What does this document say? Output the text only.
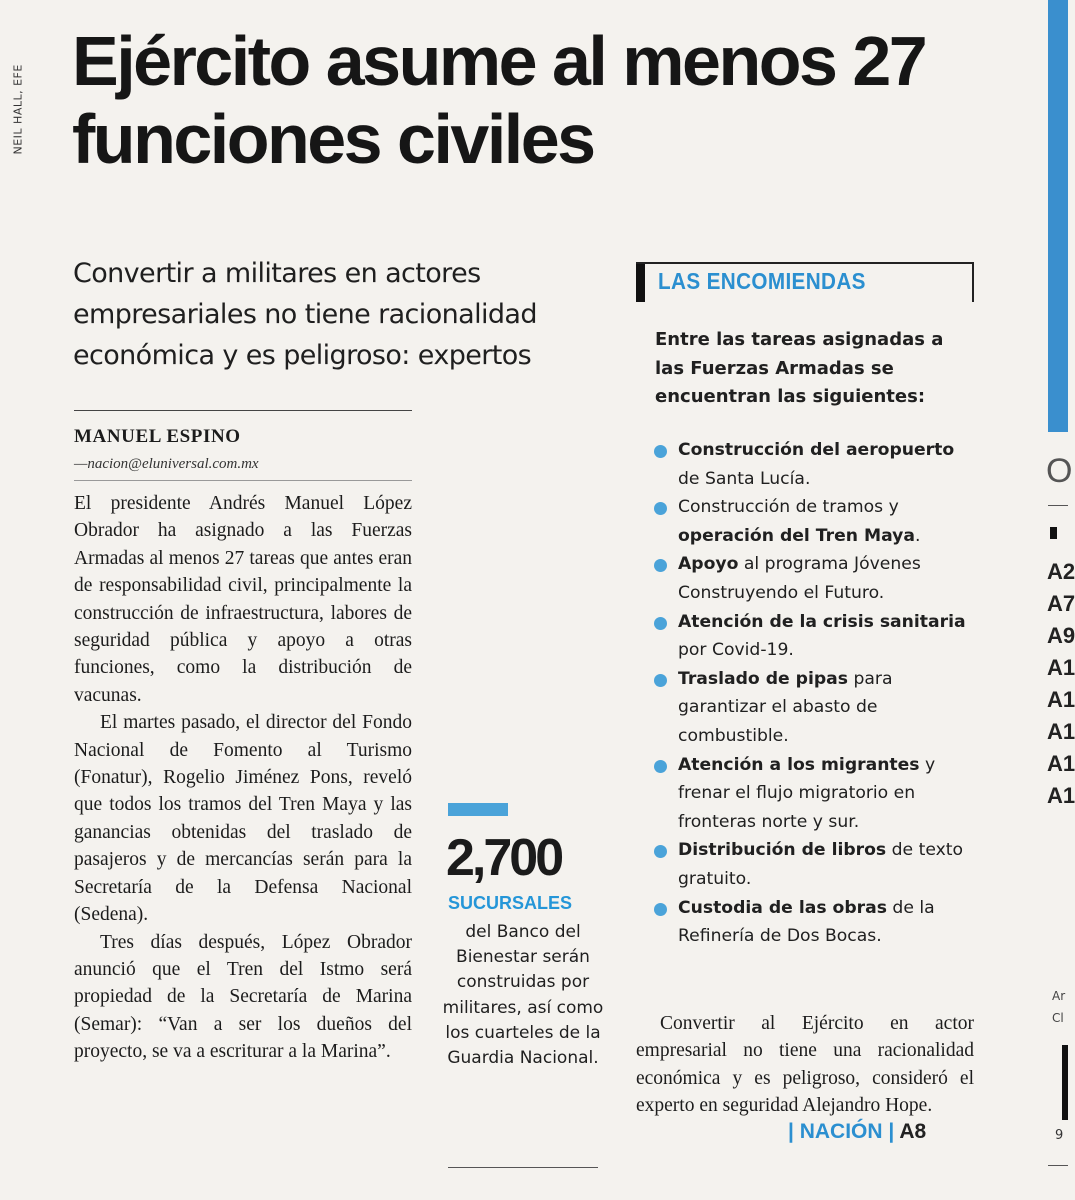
NEIL HALL, EFE
Ejército asume al menos 27 funciones civiles
Convertir a militares en actores empresariales no tiene racionalidad económica y es peligroso: expertos
MANUEL ESPINO
—nacion@eluniversal.com.mx

El presidente Andrés Manuel López Obrador ha asignado a las Fuerzas Armadas al menos 27 tareas que antes eran de responsabilidad civil, principalmente la construcción de infraestructura, labores de seguridad pública y apoyo a otras funciones, como la distribución de vacunas.

El martes pasado, el director del Fondo Nacional de Fomento al Turismo (Fonatur), Rogelio Jiménez Pons, reveló que todos los tramos del Tren Maya y las ganancias obtenidas del traslado de pasajeros y de mercancías serán para la Secretaría de la Defensa Nacional (Sedena).

Tres días después, López Obrador anunció que el Tren del Istmo será propiedad de la Secretaría de Marina (Semar): “Van a ser los dueños del proyecto, se va a escriturar a la Marina”.

2,700
SUCURSALES
del Banco del Bienestar serán construidas por militares, así como los cuarteles de la Guardia Nacional.
LAS ENCOMIENDAS
Entre las tareas asignadas a las Fuerzas Armadas se encuentran las siguientes:
Construcción del aeropuerto de Santa Lucía.
Construcción de tramos y operación del Tren Maya.
Apoyo al programa Jóvenes Construyendo el Futuro.
Atención de la crisis sanitaria por Covid-19.
Traslado de pipas para garantizar el abasto de combustible.
Atención a los migrantes y frenar el flujo migratorio en fronteras norte y sur.
Distribución de libros de texto gratuito.
Custodia de las obras de la Refinería de Dos Bocas.
Convertir al Ejército en actor empresarial no tiene una racionalidad económica y es peligroso, consideró el experto en seguridad Alejandro Hope.
| NACIÓN | A8
O
A2
A7
A9
A1
A1
A1
A1
A1
Ar
Cl
9
